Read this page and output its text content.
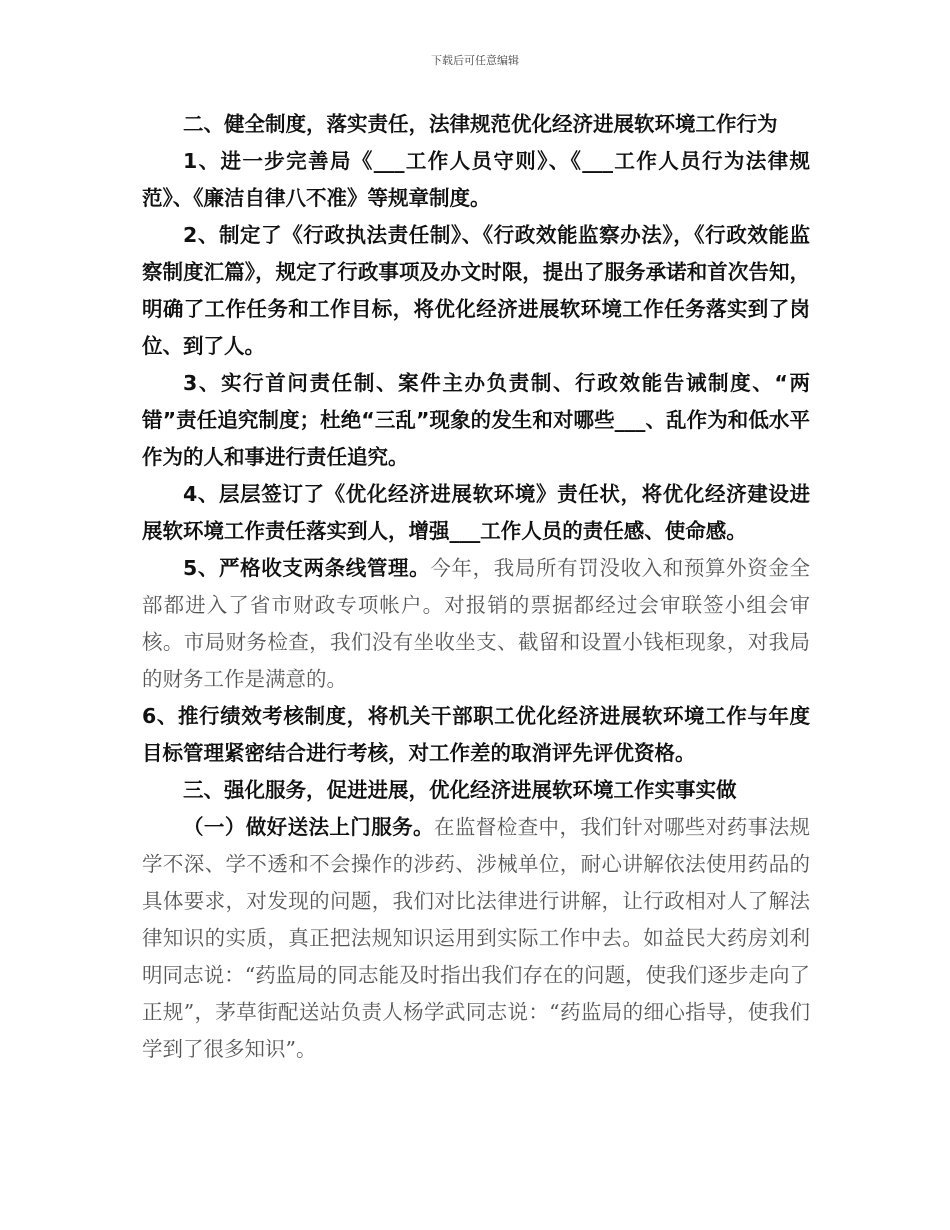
下载后可任意编辑

二、健全制度，落实责任，法律规范优化经济进展软环境工作行为

1、进一步完善局《___工作人员守则》、《___工作人员行为法律规范》、《廉洁自律八不准》等规章制度。

2、制定了《行政执法责任制》、《行政效能监察办法》，《行政效能监察制度汇篇》，规定了行政事项及办文时限，提出了服务承诺和首次告知，明确了工作任务和工作目标，将优化经济进展软环境工作任务落实到了岗位、到了人。

3、实行首问责任制、案件主办负责制、行政效能告诫制度、“两错”责任追究制度；杜绝“三乱”现象的发生和对哪些___、乱作为和低水平作为的人和事进行责任追究。

4、层层签订了《优化经济进展软环境》责任状，将优化经济建设进展软环境工作责任落实到人，增强___工作人员的责任感、使命感。

5、严格收支两条线管理。今年，我局所有罚没收入和预算外资金全部都进入了省市财政专项帐户。对报销的票据都经过会审联签小组会审核。市局财务检查，我们没有坐收坐支、截留和设置小钱柜现象，对我局的财务工作是满意的。

6、推行绩效考核制度，将机关干部职工优化经济进展软环境工作与年度目标管理紧密结合进行考核，对工作差的取消评先评优资格。

三、强化服务，促进进展，优化经济进展软环境工作实事实做

（一）做好送法上门服务。在监督检查中，我们针对哪些对药事法规学不深、学不透和不会操作的涉药、涉械单位，耐心讲解依法使用药品的具体要求，对发现的问题，我们对比法律进行讲解，让行政相对人了解法律知识的实质，真正把法规知识运用到实际工作中去。如益民大药房刘利明同志说：“药监局的同志能及时指出我们存在的问题，使我们逐步走向了正规”，茅草街配送站负责人杨学武同志说：“药监局的细心指导，使我们学到了很多知识”。
